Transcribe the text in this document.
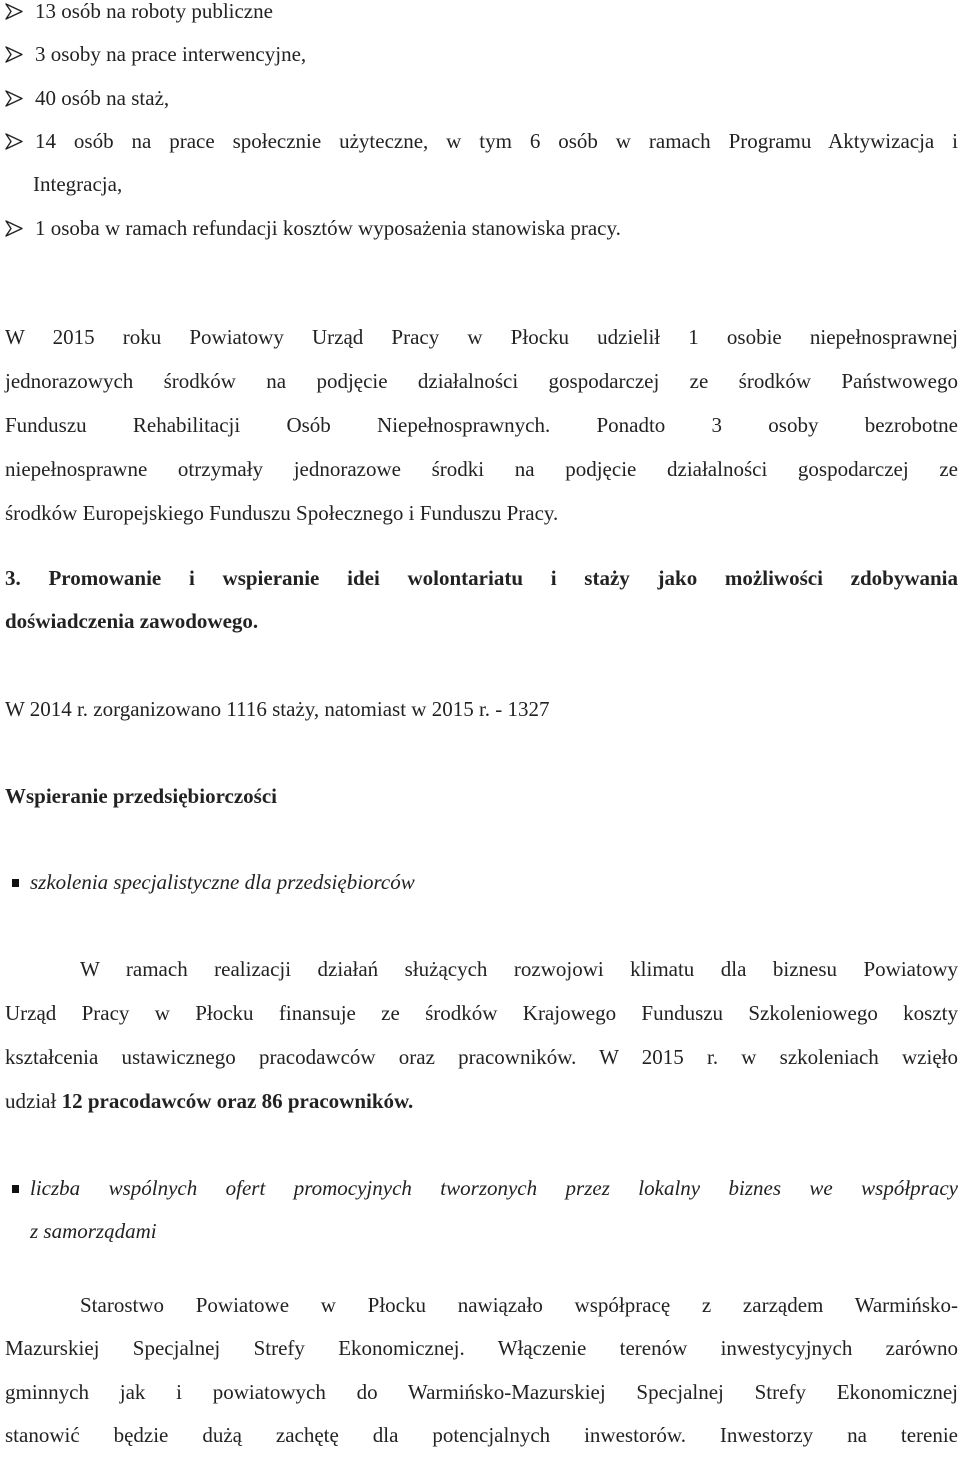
13 osób na roboty publiczne
3 osoby na prace interwencyjne,
40 osób na staż,
14 osób na prace społecznie użyteczne, w tym 6 osób w ramach Programu Aktywizacja i
Integracja,
1 osoba w ramach refundacji kosztów wyposażenia stanowiska pracy.
W 2015 roku Powiatowy Urząd Pracy w Płocku udzielił 1 osobie niepełnosprawnej
jednorazowych środków na podjęcie działalności gospodarczej ze środków Państwowego
Funduszu Rehabilitacji Osób Niepełnosprawnych. Ponadto 3 osoby bezrobotne
niepełnosprawne otrzymały jednorazowe środki na podjęcie działalności gospodarczej ze
środków Europejskiego Funduszu Społecznego i Funduszu Pracy.
3. Promowanie i wspieranie idei wolontariatu i staży jako możliwości zdobywania
doświadczenia zawodowego.
W 2014 r. zorganizowano 1116 staży, natomiast w 2015 r. - 1327
Wspieranie przedsiębiorczości
szkolenia specjalistyczne dla przedsiębiorców
W ramach realizacji działań służących rozwojowi klimatu dla biznesu Powiatowy
Urząd Pracy w Płocku finansuje ze środków Krajowego Funduszu Szkoleniowego koszty
kształcenia ustawicznego pracodawców oraz pracowników. W 2015 r. w szkoleniach wzięło
udział 12 pracodawców oraz 86 pracowników.
liczba wspólnych ofert promocyjnych tworzonych przez lokalny biznes we współpracy
z samorządami
Starostwo Powiatowe w Płocku nawiązało współpracę z zarządem Warmińsko-
Mazurskiej Specjalnej Strefy Ekonomicznej. Włączenie terenów inwestycyjnych zarówno
gminnych jak i powiatowych do Warmińsko-Mazurskiej Specjalnej Strefy Ekonomicznej
stanowić będzie dużą zachętę dla potencjalnych inwestorów. Inwestorzy na terenie
